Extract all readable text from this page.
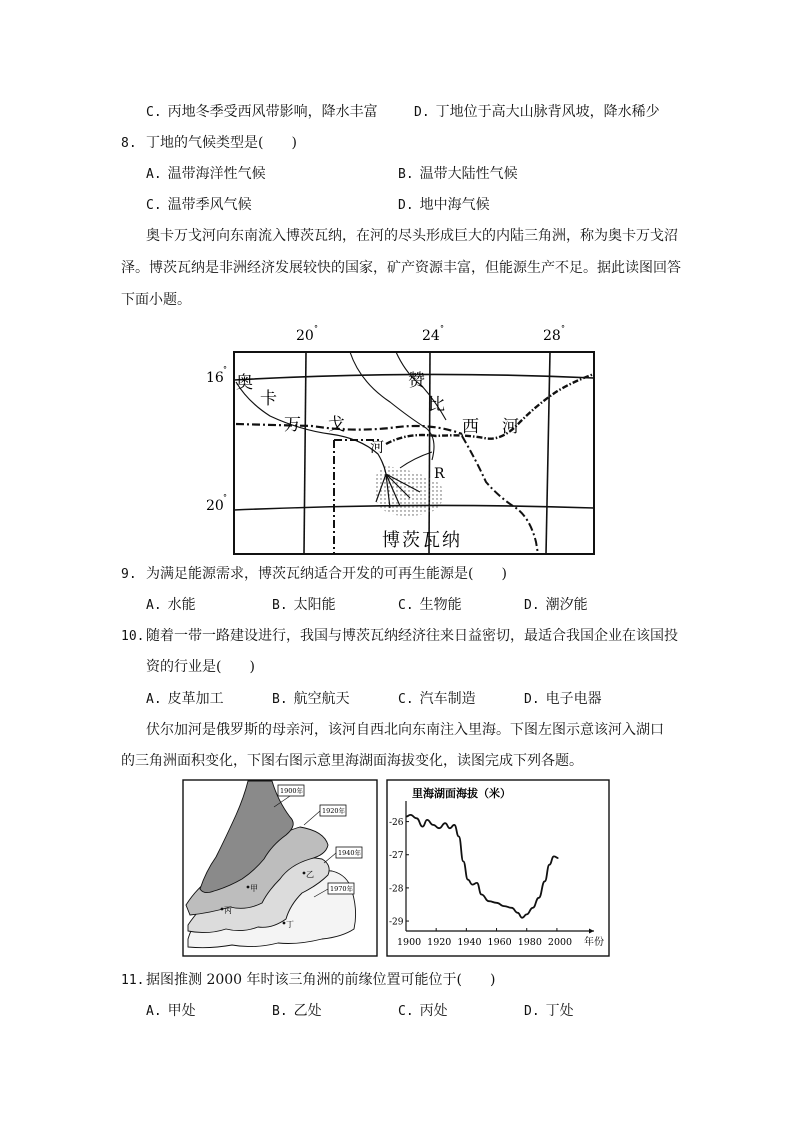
C. 丙地冬季受西风带影响，降水丰富	D. 丁地位于高大山脉背风坡，降水稀少
8. 丁地的气候类型是(　　)
A. 温带海洋性气候	B. 温带大陆性气候
C. 温带季风气候	D. 地中海气候
奥卡万戈河向东南流入博茨瓦纳，在河的尽头形成巨大的内陆三角洲，称为奥卡万戈沼
泽。博茨瓦纳是非洲经济发展较快的国家，矿产资源丰富，但能源生产不足。据此读图回答
下面小题。
20 °	24 °	28 °
16
°
20
°
奥
卡
万 戈
河
赞
比
西 河
R
博茨瓦纳
9. 为满足能源需求，博茨瓦纳适合开发的可再生能源是(　　)
A. 水能	B. 太阳能	C. 生物能	D. 潮汐能
10. 随着一带一路建设进行，我国与博茨瓦纳经济往来日益密切，最适合我国企业在该国投
资的行业是(　　)
A. 皮革加工	B. 航空航天	C. 汽车制造	D. 电子电器
伏尔加河是俄罗斯的母亲河，该河自西北向东南注入里海。下图左图示意该河入湖口
的三角洲面积变化，下图右图示意里海湖面海拔变化，读图完成下列各题。
1900年
1920年
1940年
1970年
甲
乙
丙
丁
里海湖面海拔（米）
1900 1920 1940 1960 1980 2000
-26
-27
-28
-29
年份
11. 据图推测 2000 年时该三角洲的前缘位置可能位于(　　)
A. 甲处	B. 乙处	C. 丙处	D. 丁处
